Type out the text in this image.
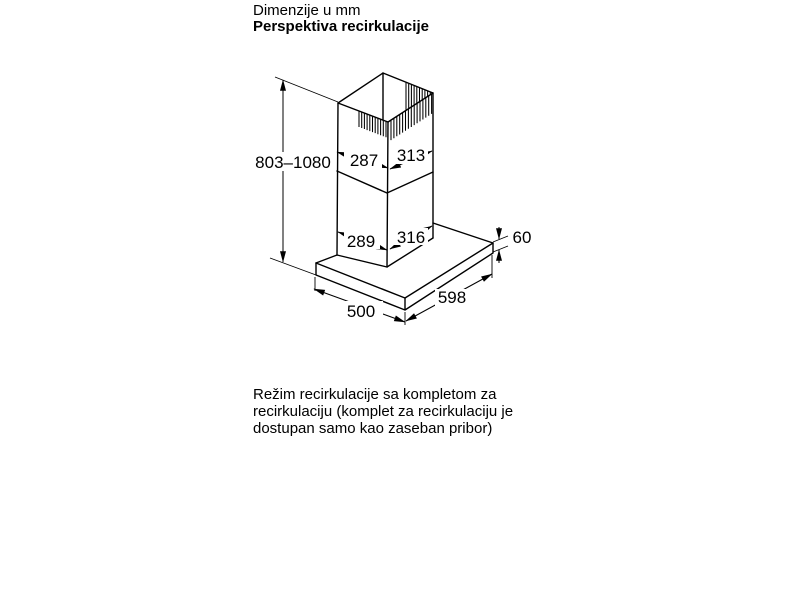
Dimenzije u mm
Perspektiva recirkulacije
803–1080 287 313
289 316	60
500
598
Režim recirkulacije sa kompletom za
recirkulaciju (komplet za recirkulaciju je
dostupan samo kao zaseban pribor)
